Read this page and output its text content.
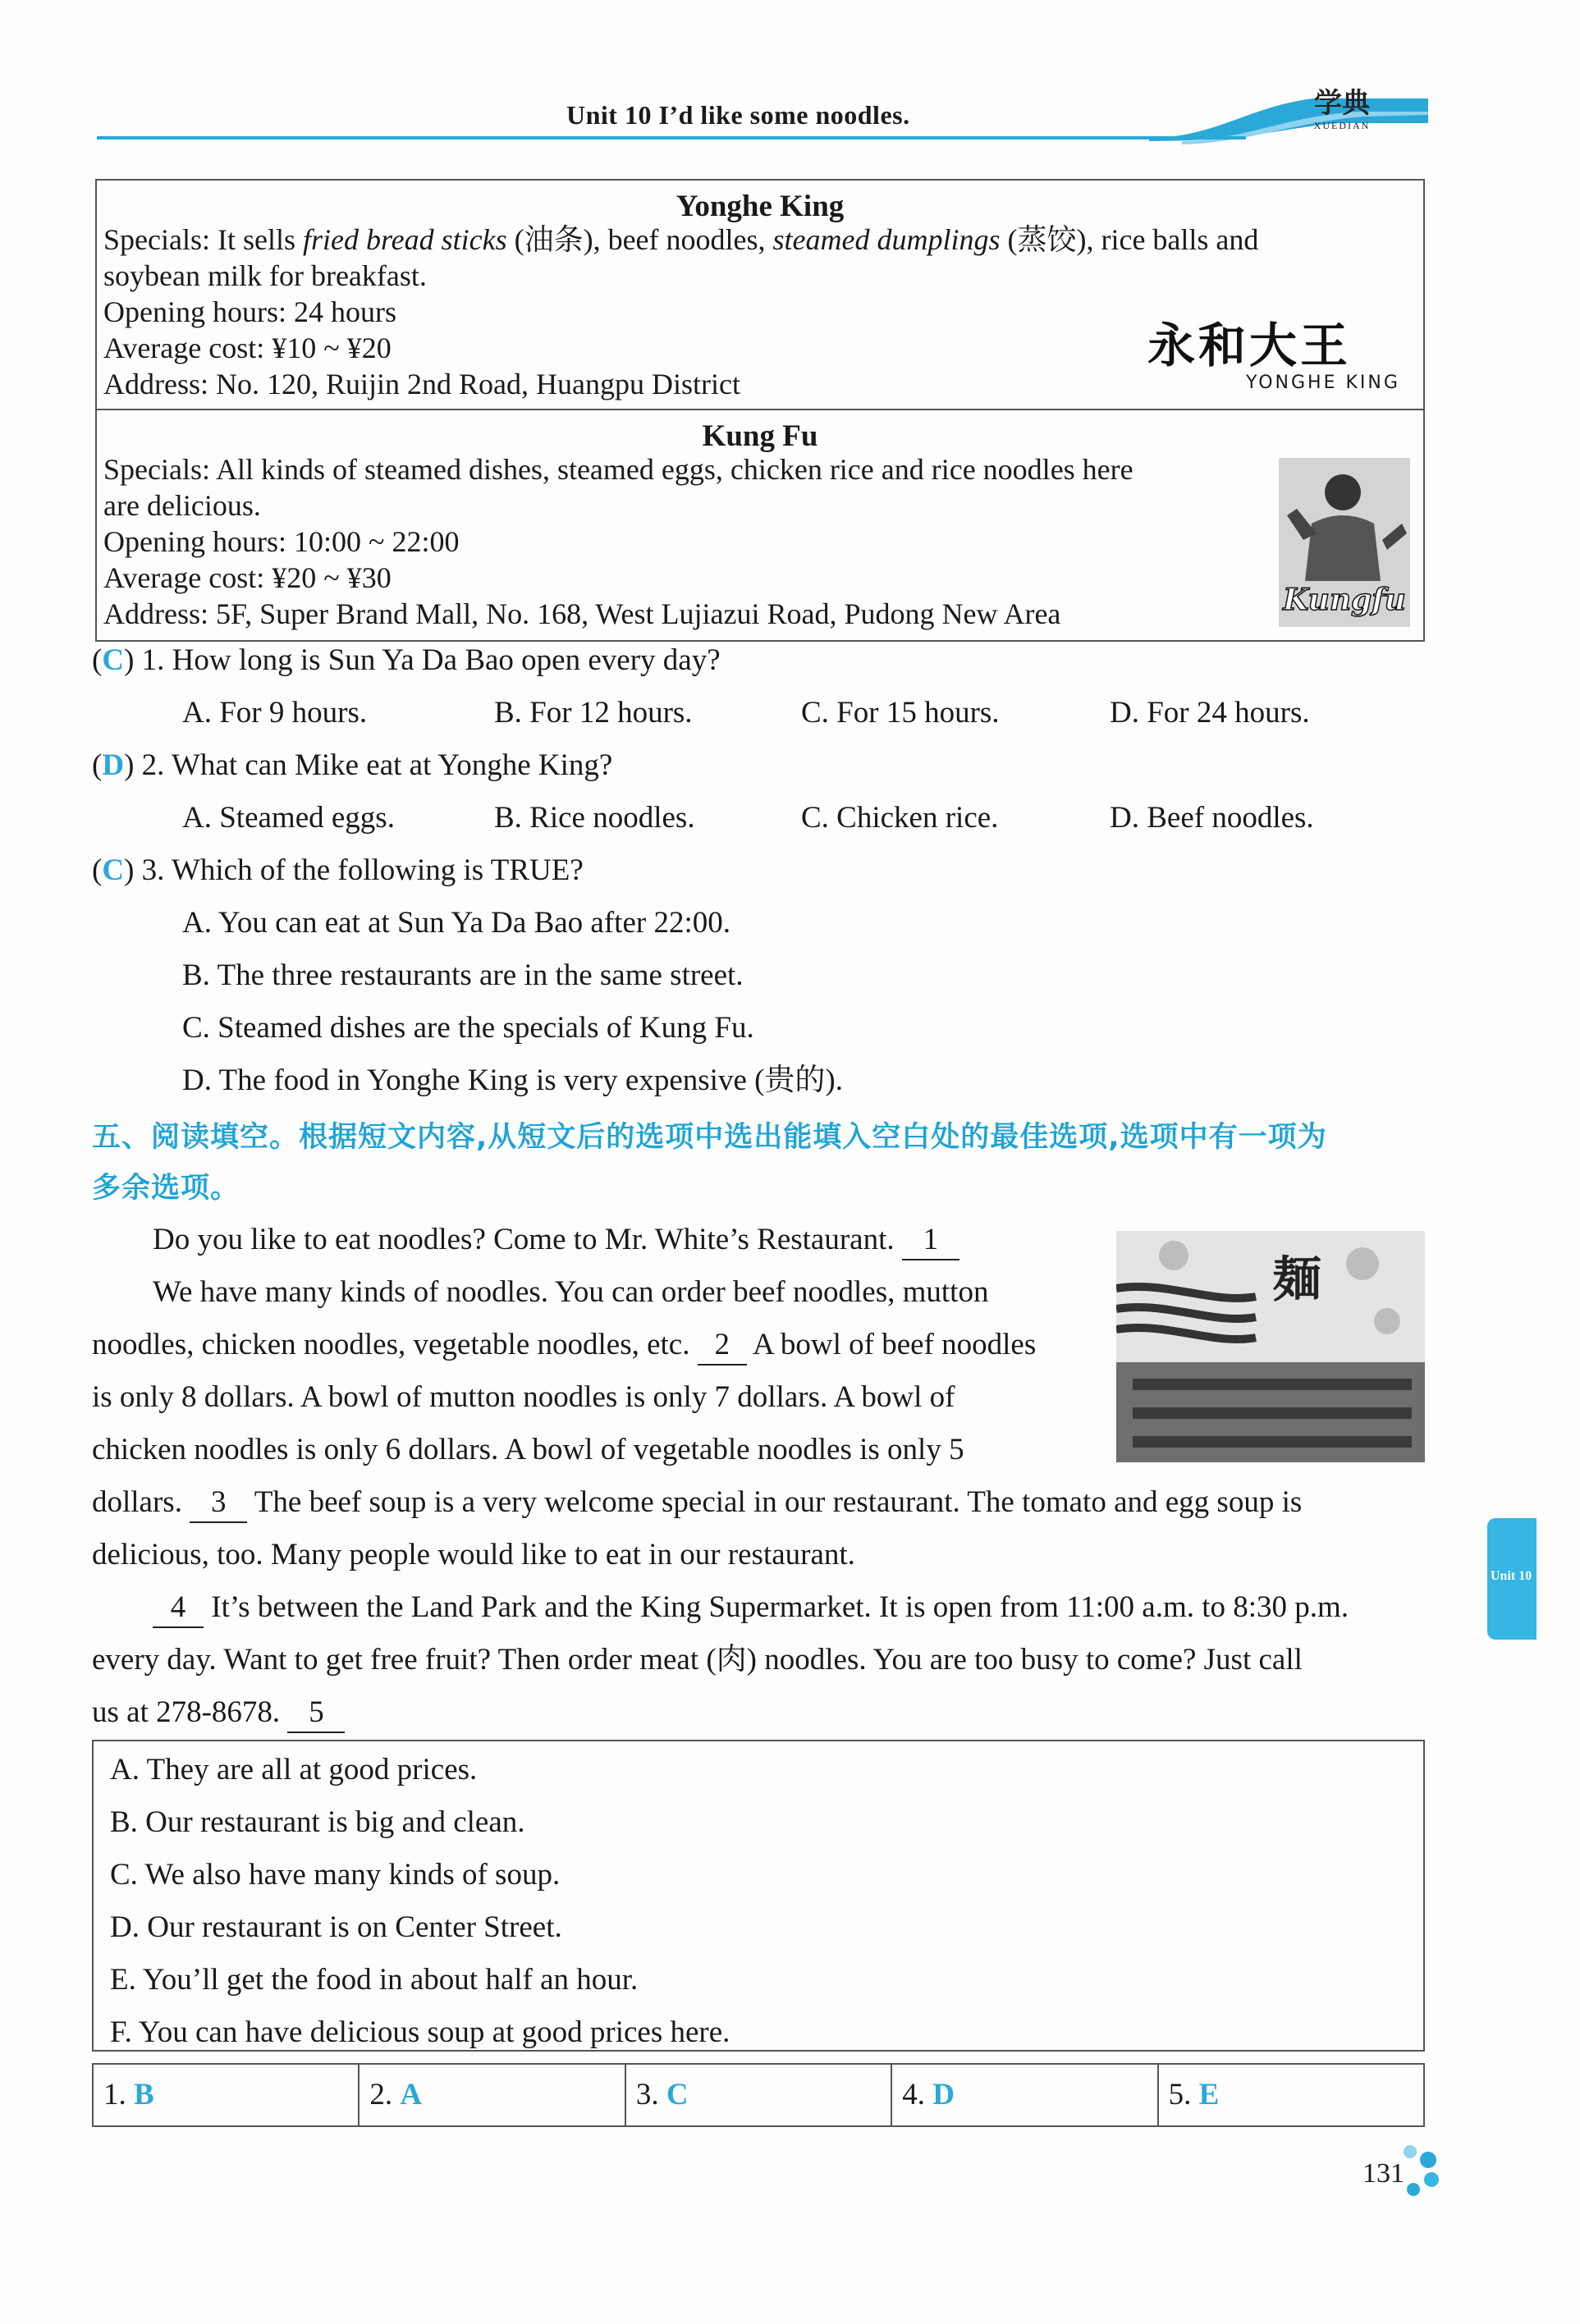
Unit 10 I’d like some noodles.	学典
XUEDIAN
Yonghe King
Specials: It sells fried bread sticks (油条), beef noodles, steamed dumplings (蒸饺), rice balls and
soybean milk for breakfast.
Opening hours: 24 hours
Average cost: ¥10 ~ ¥20
Address: No. 120, Ruijin 2nd Road, Huangpu District
永和大王
YONGHE KING
Kung Fu
Specials: All kinds of steamed dishes, steamed eggs, chicken rice and rice noodles here
are delicious.
Opening hours: 10:00 ~ 22:00
Average cost: ¥20 ~ ¥30
Address: 5F, Super Brand Mall, No. 168, West Lujiazui Road, Pudong New Area	Kungfu
(C) 1. How long is Sun Ya Da Bao open every day?
A. For 9 hours.	B. For 12 hours.	C. For 15 hours.	D. For 24 hours.
(D) 2. What can Mike eat at Yonghe King?
A. Steamed eggs.	B. Rice noodles.	C. Chicken rice.	D. Beef noodles.
(C) 3. Which of the following is TRUE?
A. You can eat at Sun Ya Da Bao after 22:00.
B. The three restaurants are in the same street.
C. Steamed dishes are the specials of Kung Fu.
D. The food in Yonghe King is very expensive (贵的).
五、阅读填空。根据短文内容,从短文后的选项中选出能填入空白处的最佳选项,选项中有一项为
多余选项。
Do you like to eat noodles? Come to Mr. White’s Restaurant. 1
We have many kinds of noodles. You can order beef noodles, mutton
noodles, chicken noodles, vegetable noodles, etc. 2 A bowl of beef noodles
is only 8 dollars. A bowl of mutton noodles is only 7 dollars. A bowl of
chicken noodles is only 6 dollars. A bowl of vegetable noodles is only 5
dollars. 3 The beef soup is a very welcome special in our restaurant. The tomato and egg soup is
delicious, too. Many people would like to eat in our restaurant.
4 It’s between the Land Park and the King Supermarket. It is open from 11:00 a.m. to 8:30 p.m.
every day. Want to get free fruit? Then order meat (肉) noodles. You are too busy to come? Just call
us at 278-8678. 5
麺
A. They are all at good prices.
B. Our restaurant is big and clean.
C. We also have many kinds of soup.
D. Our restaurant is on Center Street.
E. You’ll get the food in about half an hour.
F. You can have delicious soup at good prices here.
1. B	2. A	3. C	4. D	5. E
Unit 10
131
